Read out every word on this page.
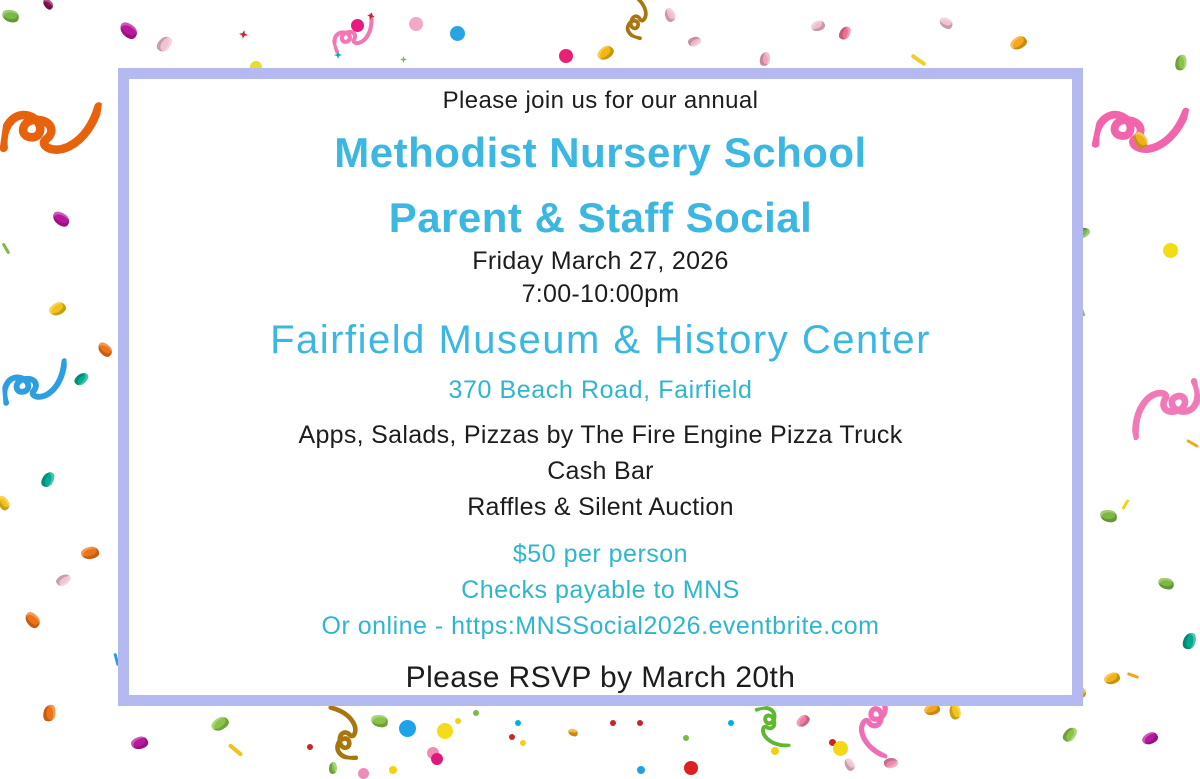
Please join us for our annual
Methodist Nursery School
Parent & Staff Social
Friday March 27, 2026
7:00-10:00pm
Fairfield Museum & History Center
370 Beach Road, Fairfield
Apps, Salads, Pizzas by The Fire Engine Pizza Truck
Cash Bar
Raffles & Silent Auction
$50 per person
Checks payable to MNS
Or online - https:MNSSocial2026.eventbrite.com
Please RSVP by March 20th
